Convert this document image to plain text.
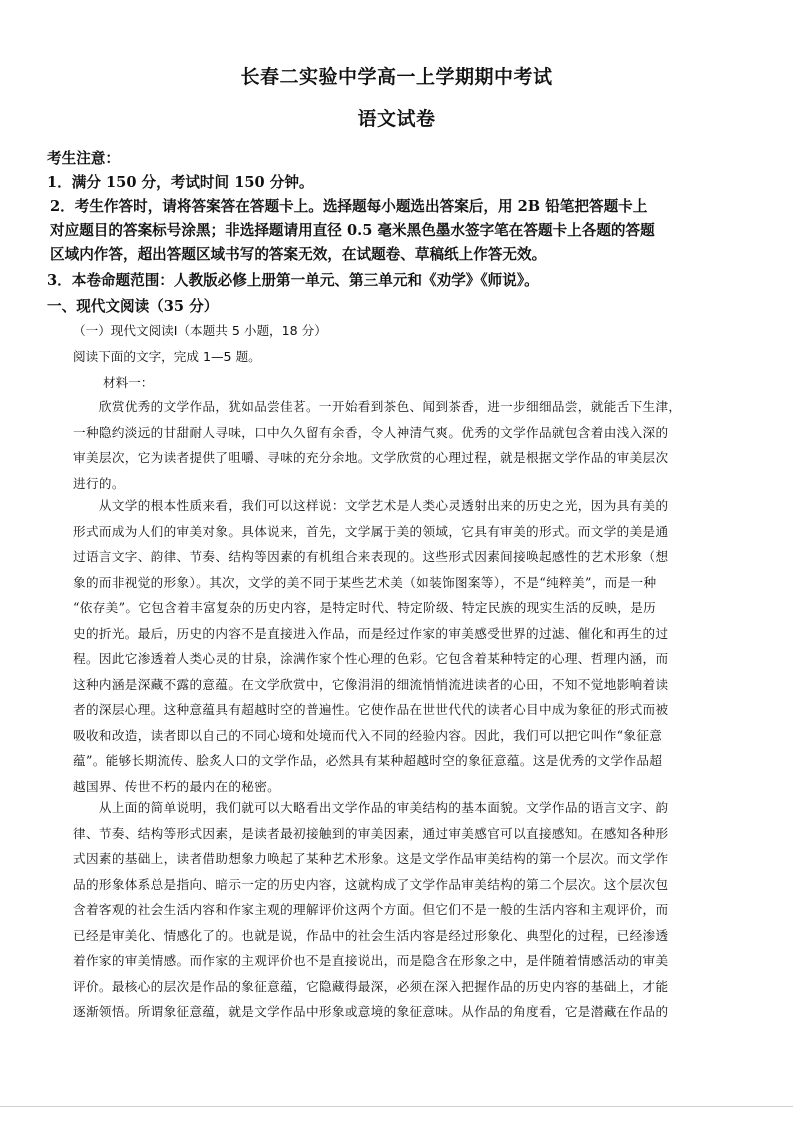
长春二实验中学高一上学期期中考试
语文试卷
考生注意：
1．满分 150 分，考试时间 150 分钟。
2．考生作答时，请将答案答在答题卡上。选择题每小题选出答案后，用 2B 铅笔把答题卡上
对应题目的答案标号涂黑；非选择题请用直径 0.5 毫米黑色墨水签字笔在答题卡上各题的答题
区域内作答，超出答题区域书写的答案无效，在试题卷、草稿纸上作答无效。
3．本卷命题范围：人教版必修上册第一单元、第三单元和《劝学》《师说》。
一、现代文阅读（35 分）
（一）现代文阅读Ⅰ（本题共 5 小题，18 分）
阅读下面的文字，完成 1—5 题。
材料一：
　　欣赏优秀的文学作品，犹如品尝佳茗。一开始看到茶色、闻到茶香，进一步细细品尝，就能舌下生津，
一种隐约淡远的甘甜耐人寻味，口中久久留有余香，令人神清气爽。优秀的文学作品就包含着由浅入深的
审美层次，它为读者提供了咀嚼、寻味的充分余地。文学欣赏的心理过程，就是根据文学作品的审美层次
进行的。
　　从文学的根本性质来看，我们可以这样说：文学艺术是人类心灵透射出来的历史之光，因为具有美的
形式而成为人们的审美对象。具体说来，首先，文学属于美的领域，它具有审美的形式。而文学的美是通
过语言文字、韵律、节奏、结构等因素的有机组合来表现的。这些形式因素间接唤起感性的艺术形象（想
象的而非视觉的形象）。其次，文学的美不同于某些艺术美（如装饰图案等），不是“纯粹美”，而是一种
“依存美”。它包含着丰富复杂的历史内容，是特定时代、特定阶级、特定民族的现实生活的反映，是历
史的折光。最后，历史的内容不是直接进入作品，而是经过作家的审美感受世界的过滤、催化和再生的过
程。因此它渗透着人类心灵的甘泉，涂满作家个性心理的色彩。它包含着某种特定的心理、哲理内涵，而
这种内涵是深藏不露的意蕴。在文学欣赏中，它像涓涓的细流悄悄流进读者的心田，不知不觉地影响着读
者的深层心理。这种意蕴具有超越时空的普遍性。它使作品在世世代代的读者心目中成为象征的形式而被
吸收和改造，读者即以自己的不同心境和处境而代入不同的经验内容。因此，我们可以把它叫作“象征意
蕴”。能够长期流传、脍炙人口的文学作品，必然具有某种超越时空的象征意蕴。这是优秀的文学作品超
越国界、传世不朽的最内在的秘密。
　　从上面的简单说明，我们就可以大略看出文学作品的审美结构的基本面貌。文学作品的语言文字、韵
律、节奏、结构等形式因素，是读者最初接触到的审美因素，通过审美感官可以直接感知。在感知各种形
式因素的基础上，读者借助想象力唤起了某种艺术形象。这是文学作品审美结构的第一个层次。而文学作
品的形象体系总是指向、暗示一定的历史内容，这就构成了文学作品审美结构的第二个层次。这个层次包
含着客观的社会生活内容和作家主观的理解评价这两个方面。但它们不是一般的生活内容和主观评价，而
已经是审美化、情感化了的。也就是说，作品中的社会生活内容是经过形象化、典型化的过程，已经渗透
着作家的审美情感。而作家的主观评价也不是直接说出，而是隐含在形象之中，是伴随着情感活动的审美
评价。最核心的层次是作品的象征意蕴，它隐藏得最深，必须在深入把握作品的历史内容的基础上，才能
逐渐领悟。所谓象征意蕴，就是文学作品中形象或意境的象征意味。从作品的角度看，它是潜藏在作品的
